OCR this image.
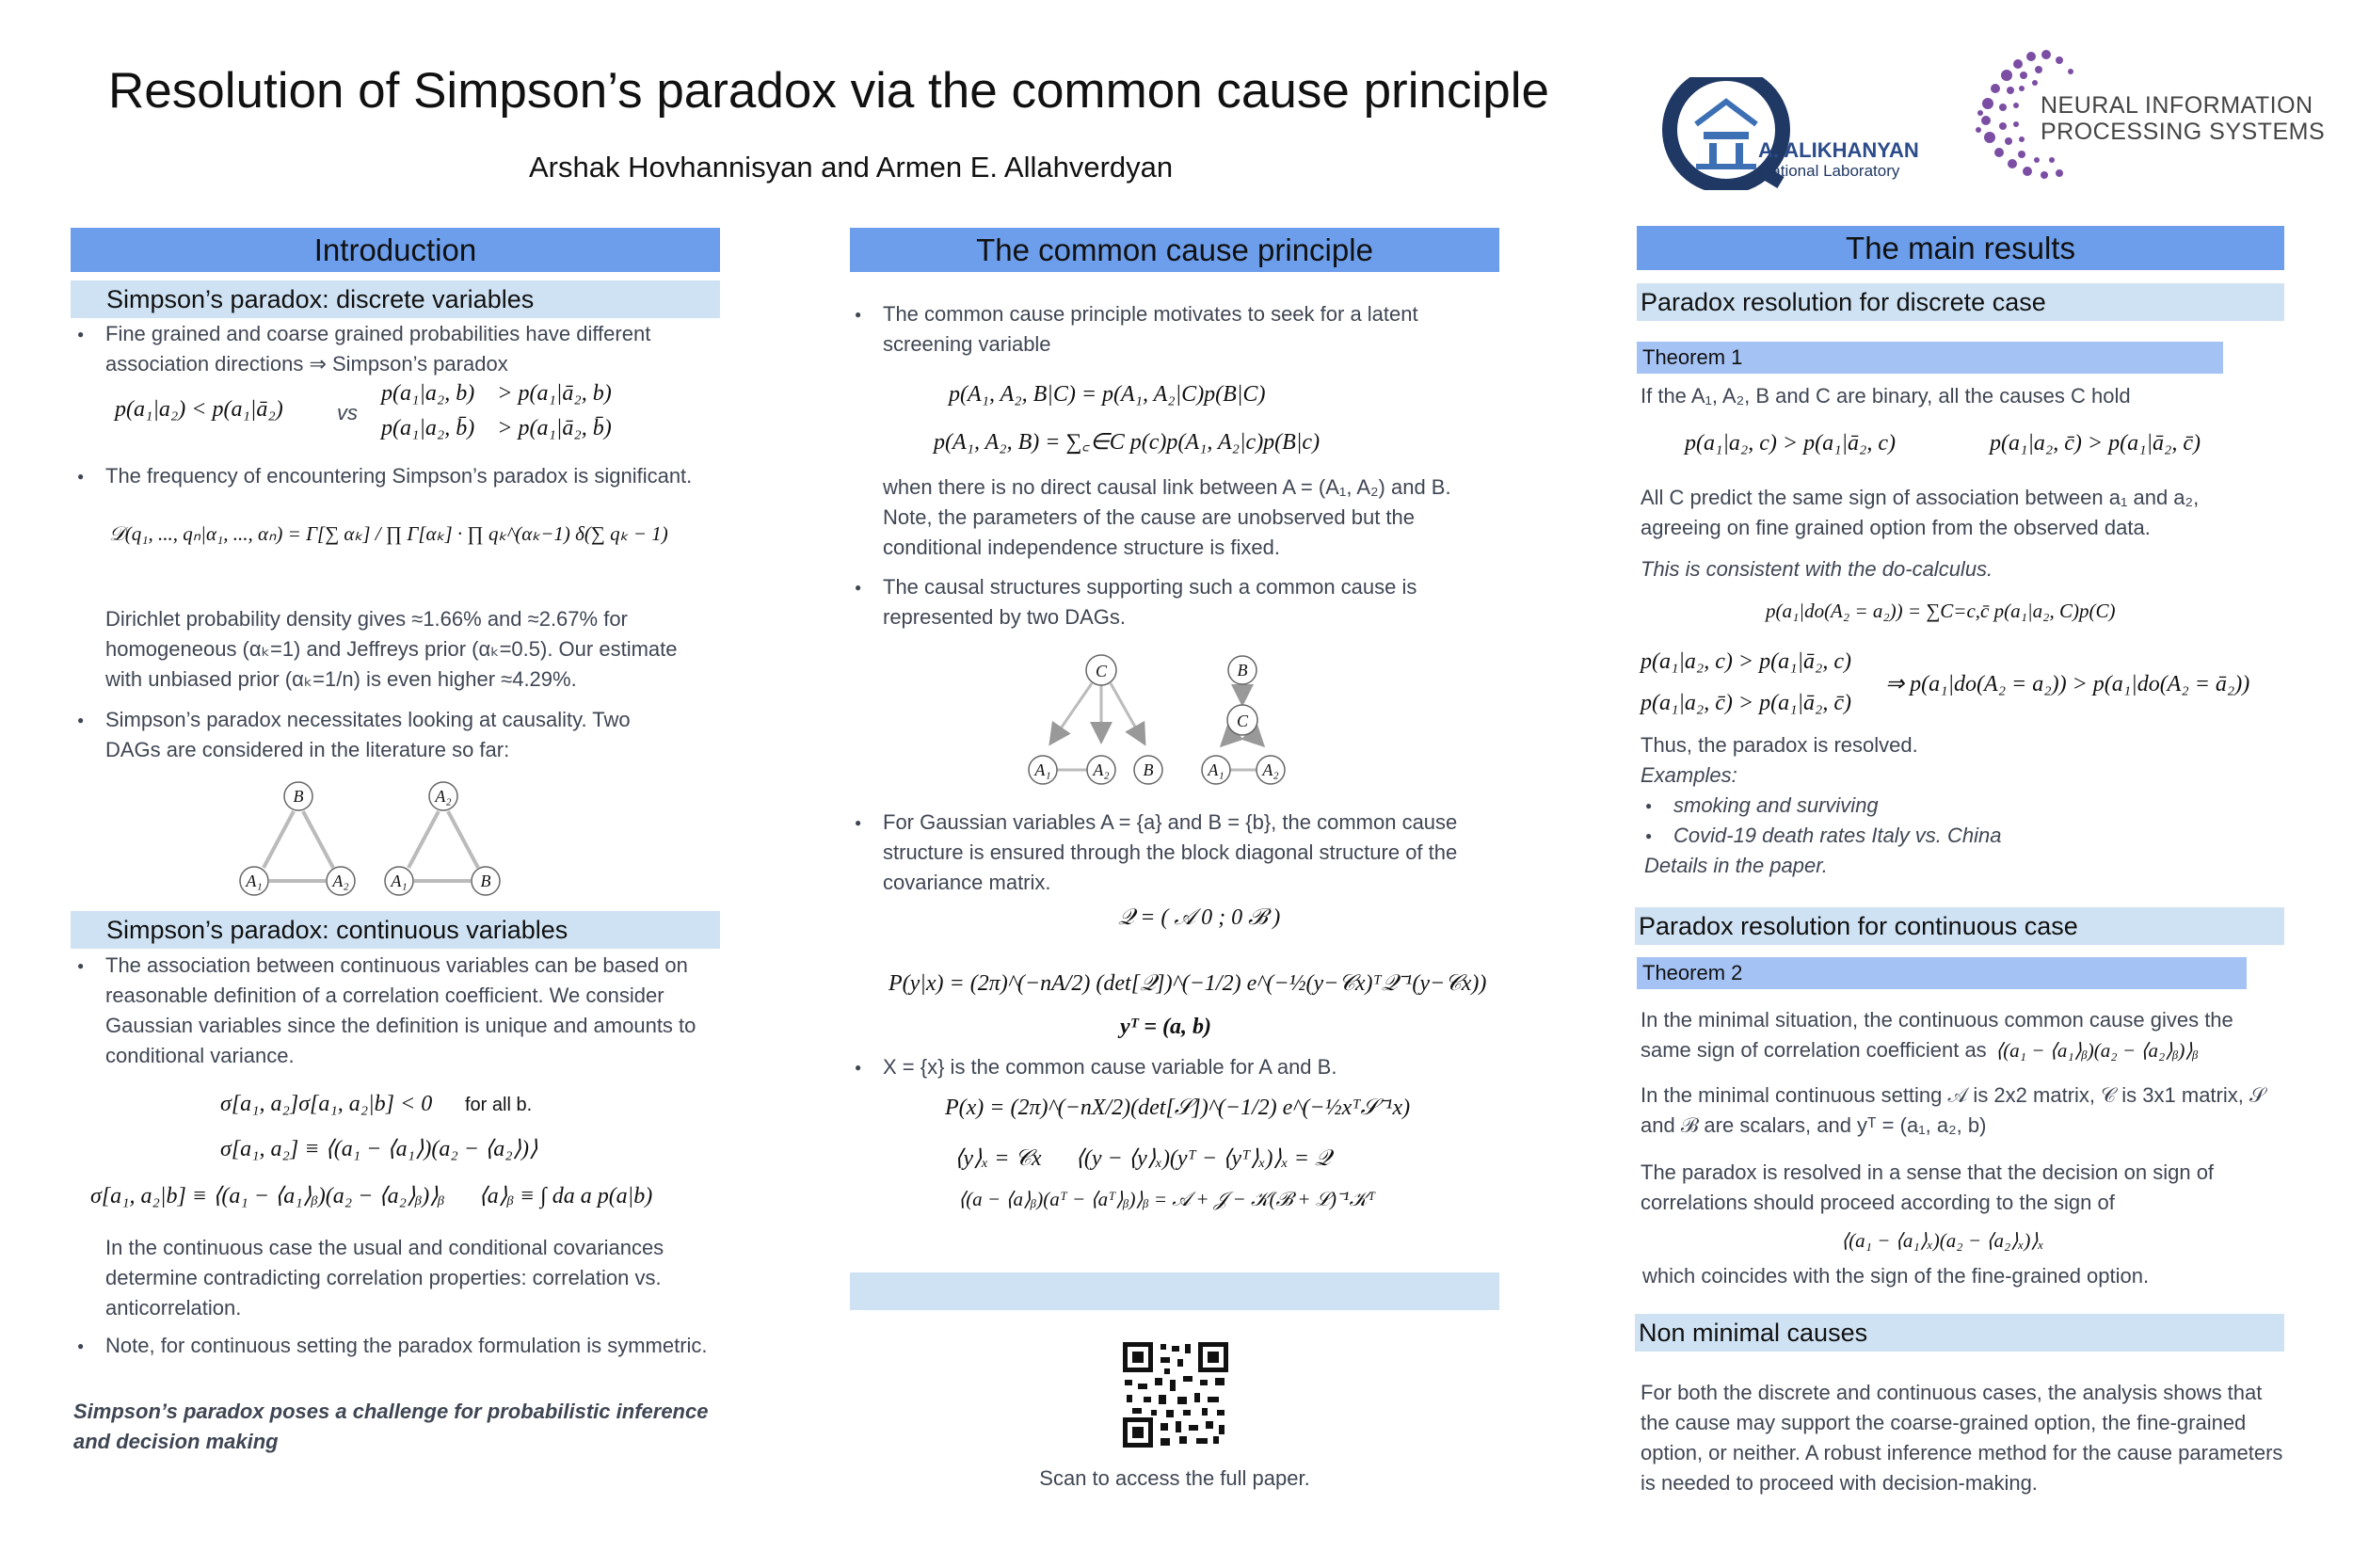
Resolution of Simpson’s paradox via the common cause principle
Arshak Hovhannisyan and Armen E. Allahverdyan
A. ALIKHANYAN
National Laboratory
NEURAL INFORMATION
PROCESSING SYSTEMS
Introduction
Simpson’s paradox: discrete variables
● Fine grained and coarse grained probabilities have different association directions ⇒ Simpson’s paradox
p(a₁|a₂) < p(a₁|ā₂)	vs
p(a₁|a₂, b)    > p(a₁|ā₂, b)
p(a₁|a₂, b̄)    > p(a₁|ā₂, b̄)
● The frequency of encountering Simpson’s paradox is significant.
𝒟(q₁, ..., qₙ|α₁, ..., αₙ) = Γ[∑ αₖ] / ∏ Γ[αₖ] · ∏ qₖ^(αₖ−1) δ(∑ qₖ − 1)
Dirichlet probability density gives ≈1.66% and ≈2.67% for homogeneous (αₖ=1) and Jeffreys prior (αₖ=0.5). Our estimate with unbiased prior (αₖ=1/n) is even higher ≈4.29%.
● Simpson’s paradox necessitates looking at causality. Two DAGs are considered in the literature so far:
B
A₁	A₂
A₂
A₁	B
Simpson’s paradox: continuous variables
● The association between continuous variables can be based on reasonable definition of a correlation coefficient. We consider Gaussian variables since the definition is unique and amounts to conditional variance.
σ[a₁, a₂]σ[a₁, a₂|b] < 0 for all b.
σ[a₁, a₂] ≡ ⟨(a₁ − ⟨a₁⟩)(a₂ − ⟨a₂⟩)⟩
σ[a₁, a₂|b] ≡ ⟨(a₁ − ⟨a₁⟩ᵦ)(a₂ − ⟨a₂⟩ᵦ)⟩ᵦ      ⟨a⟩ᵦ ≡ ∫ da a p(a|b)
In the continuous case the usual and conditional covariances determine contradicting correlation properties: correlation vs. anticorrelation.
● Note, for continuous setting the paradox formulation is symmetric.
Simpson’s paradox poses a challenge for probabilistic inference and decision making
The common cause principle
● The common cause principle motivates to seek for a latent screening variable
p(A₁, A₂, B|C) = p(A₁, A₂|C)p(B|C)
p(A₁, A₂, B) = ∑꜀∈C p(c)p(A₁, A₂|c)p(B|c)
when there is no direct causal link between A = (A₁, A₂) and B. Note, the parameters of the cause are unobserved but the conditional independence structure is fixed.
● The causal structures supporting such a common cause is represented by two DAGs.
C
A₁ A₂ B
B
C
A₁ A₂
● For Gaussian variables A = {a} and B = {b}, the common cause structure is ensured through the block diagonal structure of the covariance matrix.
𝒬 = ( 𝒜 0 ; 0 ℬ )
P(y|x) = (2π)^(−nA/2) (det[𝒬])^(−1/2) e^(−½(y−𝒞x)ᵀ𝒬⁻¹(y−𝒞x))
yᵀ = (a, b)
● X = {x} is the common cause variable for A and B.
P(x) = (2π)^(−nX/2)(det[𝒮])^(−1/2) e^(−½xᵀ𝒮⁻¹x)
⟨y⟩ₓ = 𝒞x      ⟨(y − ⟨y⟩ₓ)(yᵀ − ⟨yᵀ⟩ₓ)⟩ₓ = 𝒬
⟨(a − ⟨a⟩ᵦ)(aᵀ − ⟨aᵀ⟩ᵦ)⟩ᵦ = 𝒜 + 𝒥 − 𝒦(ℬ + ℒ)⁻¹𝒦ᵀ
Scan to access the full paper.
The main results
Paradox resolution for discrete case
Theorem 1
If the A₁, A₂, B and C are binary, all the causes C hold
p(a₁|a₂, c) > p(a₁|ā₂, c)	p(a₁|a₂, c̄) > p(a₁|ā₂, c̄)
All C predict the same sign of association between a₁ and a₂, agreeing on fine grained option from the observed data.
This is consistent with the do-calculus.
p(a₁|do(A₂ = a₂)) = ∑C=c,c̄ p(a₁|a₂, C)p(C)
p(a₁|a₂, c) > p(a₁|ā₂, c)
p(a₁|a₂, c̄) > p(a₁|ā₂, c̄)
⇒ p(a₁|do(A₂ = a₂)) > p(a₁|do(A₂ = ā₂))
Thus, the paradox is resolved.
Examples:
● smoking and surviving
● Covid-19 death rates Italy vs. China
Details in the paper.
Paradox resolution for continuous case
Theorem 2
In the minimal situation, the continuous common cause gives the same sign of correlation coefficient as ⟨(a₁ − ⟨a₁⟩ᵦ)(a₂ − ⟨a₂⟩ᵦ)⟩ᵦ
In the minimal continuous setting 𝒜 is 2x2 matrix, 𝒞 is 3x1 matrix, 𝒮 and ℬ are scalars, and yᵀ = (a₁, a₂, b)
The paradox is resolved in a sense that the decision on sign of correlations should proceed according to the sign of
⟨(a₁ − ⟨a₁⟩ₓ)(a₂ − ⟨a₂⟩ₓ)⟩ₓ
which coincides with the sign of the fine-grained option.
Non minimal causes
For both the discrete and continuous cases, the analysis shows that the cause may support the coarse-grained option, the fine-grained option, or neither. A robust inference method for the cause parameters is needed to proceed with decision-making.
